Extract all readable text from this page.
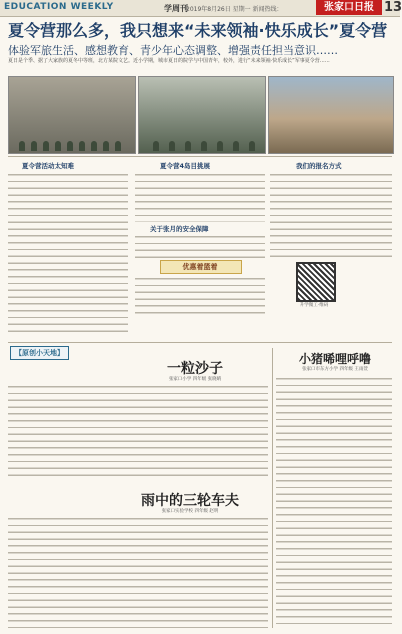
EDUCATION WEEKLY	学周刊
2019年8月26日 星期一 新闻热线：	张家口日报 13
夏令营那么多，我只想来“未来领袖·快乐成长”夏令营
体验军旅生活、感想教育、青少年心态调整、增强责任担当意识……
夏日是个季、据了大家族的夏冬中等班，北方某院文艺。近小学期，城市夏日的院学与中国青年，校外，进行“未来领袖·快乐成长”军事夏令营……
夏令营活动太知难	夏令营4岛目挑展
关于张月的安全保障
优惠着篮着
我们的报名方式
升学微工·维码
【原创小天地】
一粒沙子
张家口小学 四年级 张晓晴
雨中的三轮车夫
张家口实验学校 四年级 赵明
小猪唏哩呼噜
张家口市东方小学 四年级 王雨萱
